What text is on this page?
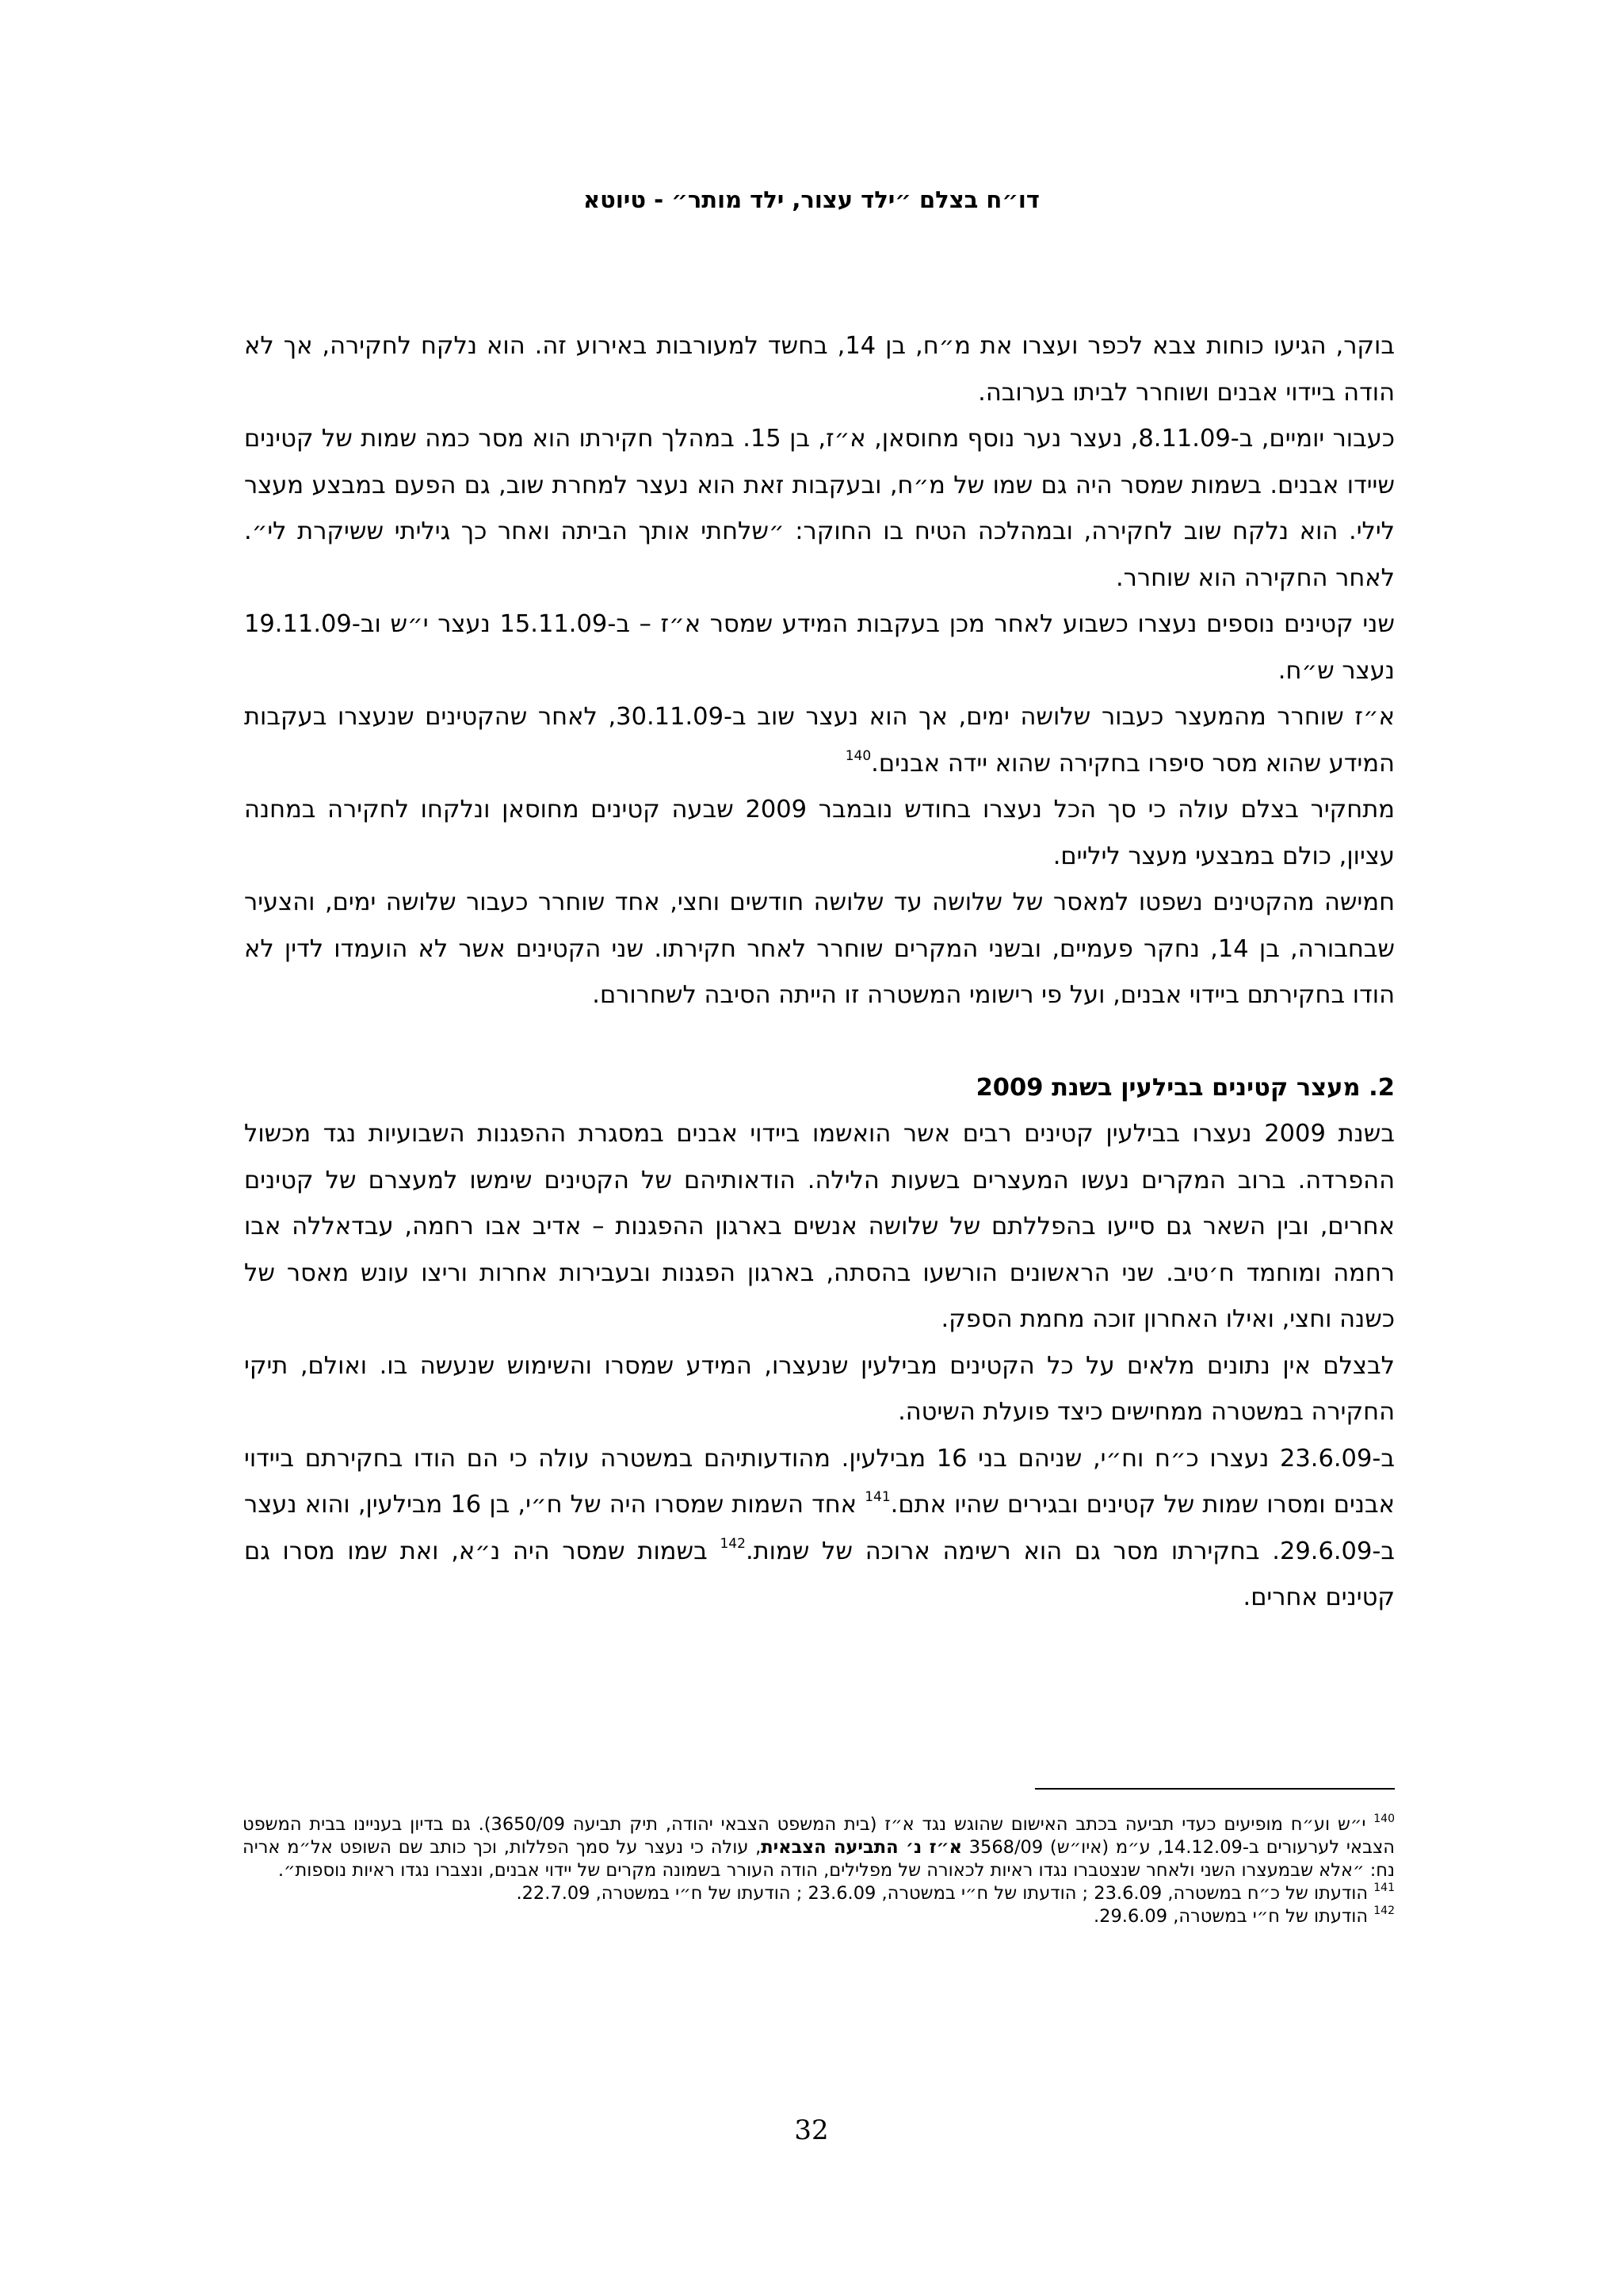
דו״ח בצלם ״ילד עצור, ילד מותר״ - טיוטא

בוקר, הגיעו כוחות צבא לכפר ועצרו את מ״ח, בן 14, בחשד למעורבות באירוע זה. הוא נלקח לחקירה, אך לא הודה ביידוי אבנים ושוחרר לביתו בערובה.

כעבור יומיים, ב-8.11.09, נעצר נער נוסף מחוסאן, א״ז, בן 15. במהלך חקירתו הוא מסר כמה שמות של קטינים שיידו אבנים. בשמות שמסר היה גם שמו של מ״ח, ובעקבות זאת הוא נעצר למחרת שוב, גם הפעם במבצע מעצר לילי. הוא נלקח שוב לחקירה, ובמהלכה הטיח בו החוקר: ״שלחתי אותך הביתה ואחר כך גיליתי ששיקרת לי״. לאחר החקירה הוא שוחרר.

שני קטינים נוספים נעצרו כשבוע לאחר מכן בעקבות המידע שמסר א״ז – ב-15.11.09 נעצר י״ש וב-19.11.09 נעצר ש״ח.

א״ז שוחרר מהמעצר כעבור שלושה ימים, אך הוא נעצר שוב ב-30.11.09, לאחר שהקטינים שנעצרו בעקבות המידע שהוא מסר סיפרו בחקירה שהוא יידה אבנים.$^{140}$

מתחקיר בצלם עולה כי סך הכל נעצרו בחודש נובמבר 2009 שבעה קטינים מחוסאן ונלקחו לחקירה במחנה עציון, כולם במבצעי מעצר ליליים.

חמישה מהקטינים נשפטו למאסר של שלושה עד שלושה חודשים וחצי, אחד שוחרר כעבור שלושה ימים, והצעיר שבחבורה, בן 14, נחקר פעמיים, ובשני המקרים שוחרר לאחר חקירתו. שני הקטינים אשר לא הועמדו לדין לא הודו בחקירתם ביידוי אבנים, ועל פי רישומי המשטרה זו הייתה הסיבה לשחרורם.

2. מעצר קטינים בבילעין בשנת 2009

בשנת 2009 נעצרו בבילעין קטינים רבים אשר הואשמו ביידוי אבנים במסגרת ההפגנות השבועיות נגד מכשול ההפרדה. ברוב המקרים נעשו המעצרים בשעות הלילה. הודאותיהם של הקטינים שימשו למעצרם של קטינים אחרים, ובין השאר גם סייעו בהפללתם של שלושה אנשים בארגון ההפגנות – אדיב אבו רחמה, עבדאללה אבו רחמה ומוחמד ח׳טיב. שני הראשונים הורשעו בהסתה, בארגון הפגנות ובעבירות אחרות וריצו עונש מאסר של כשנה וחצי, ואילו האחרון זוכה מחמת הספק.

לבצלם אין נתונים מלאים על כל הקטינים מבילעין שנעצרו, המידע שמסרו והשימוש שנעשה בו. ואולם, תיקי החקירה במשטרה ממחישים כיצד פועלת השיטה.

ב-23.6.09 נעצרו כ״ח וח״י, שניהם בני 16 מבילעין. מהודעותיהם במשטרה עולה כי הם הודו בחקירתם ביידוי אבנים ומסרו שמות של קטינים ובגירים שהיו אתם.$^{141}$ אחד השמות שמסרו היה של ח״י, בן 16 מבילעין, והוא נעצר ב-29.6.09. בחקירתו מסר גם הוא רשימה ארוכה של שמות.$^{142}$ בשמות שמסר היה נ״א, ואת שמו מסרו גם קטינים אחרים.

$^{140}$ י״ש וע״ח מופיעים כעדי תביעה בכתב האישום שהוגש נגד א״ז (בית המשפט הצבאי יהודה, תיק תביעה 3650/09). גם בדיון בעניינו בבית המשפט הצבאי לערעורים ב-14.12.09, ע״מ (איו״ש) 3568/09 א״ז נ׳ התביעה הצבאית, עולה כי נעצר על סמך הפללות, וכך כותב שם השופט אל״מ אריה נח: ״אלא שבמעצרו השני ולאחר שנצטברו נגדו ראיות לכאורה של מפלילים, הודה העורר בשמונה מקרים של יידוי אבנים, ונצברו נגדו ראיות נוספות״.

$^{141}$ הודעתו של כ״ח במשטרה, 23.6.09 ; הודעתו של ח״י במשטרה, 23.6.09 ; הודעתו של ח״י במשטרה, 22.7.09.

$^{142}$ הודעתו של ח״י במשטרה, 29.6.09.

32
